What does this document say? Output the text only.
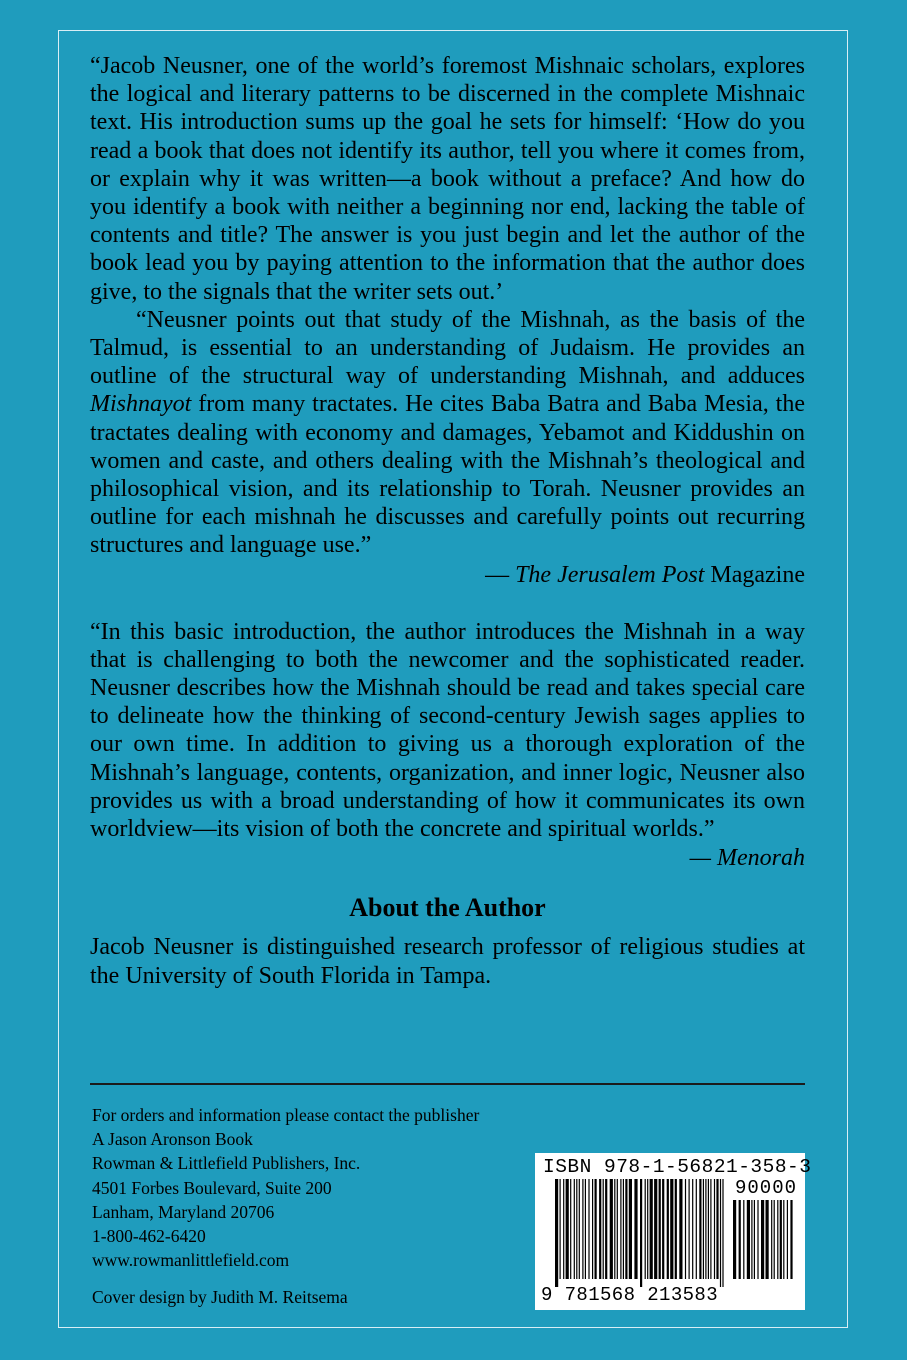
“Jacob Neusner, one of the world’s foremost Mishnaic scholars, explores the logical and literary patterns to be discerned in the complete Mishnaic text. His introduction sums up the goal he sets for himself: ‘How do you read a book that does not identify its author, tell you where it comes from, or explain why it was written—a book without a preface? And how do you identify a book with neither a beginning nor end, lacking the table of contents and title? The answer is you just begin and let the author of the book lead you by paying attention to the information that the author does give, to the signals that the writer sets out.’

“Neusner points out that study of the Mishnah, as the basis of the Talmud, is essential to an understanding of Judaism. He provides an outline of the structural way of understanding Mishnah, and adduces Mishnayot from many tractates. He cites Baba Batra and Baba Mesia, the tractates dealing with economy and damages, Yebamot and Kiddushin on women and caste, and others dealing with the Mishnah’s theological and philosophical vision, and its relationship to Torah. Neusner provides an outline for each mishnah he discusses and carefully points out recurring structures and language use.”

— The Jerusalem Post Magazine

“In this basic introduction, the author introduces the Mishnah in a way that is challenging to both the newcomer and the sophisticated reader. Neusner describes how the Mishnah should be read and takes special care to delineate how the thinking of second-century Jewish sages applies to our own time. In addition to giving us a thorough exploration of the Mishnah’s language, contents, organization, and inner logic, Neusner also provides us with a broad understanding of how it communicates its own worldview—its vision of both the concrete and spiritual worlds.”

— Menorah

About the Author

Jacob Neusner is distinguished research professor of religious studies at the University of South Florida in Tampa.

For orders and information please contact the publisher
A Jason Aronson Book
Rowman & Littlefield Publishers, Inc.
4501 Forbes Boulevard, Suite 200
Lanham, Maryland 20706
1-800-462-6420
www.rowmanlittlefield.com
Cover design by Judith M. Reitsema
ISBN 978-1-56821-358-3
90000
9 781568 213583
